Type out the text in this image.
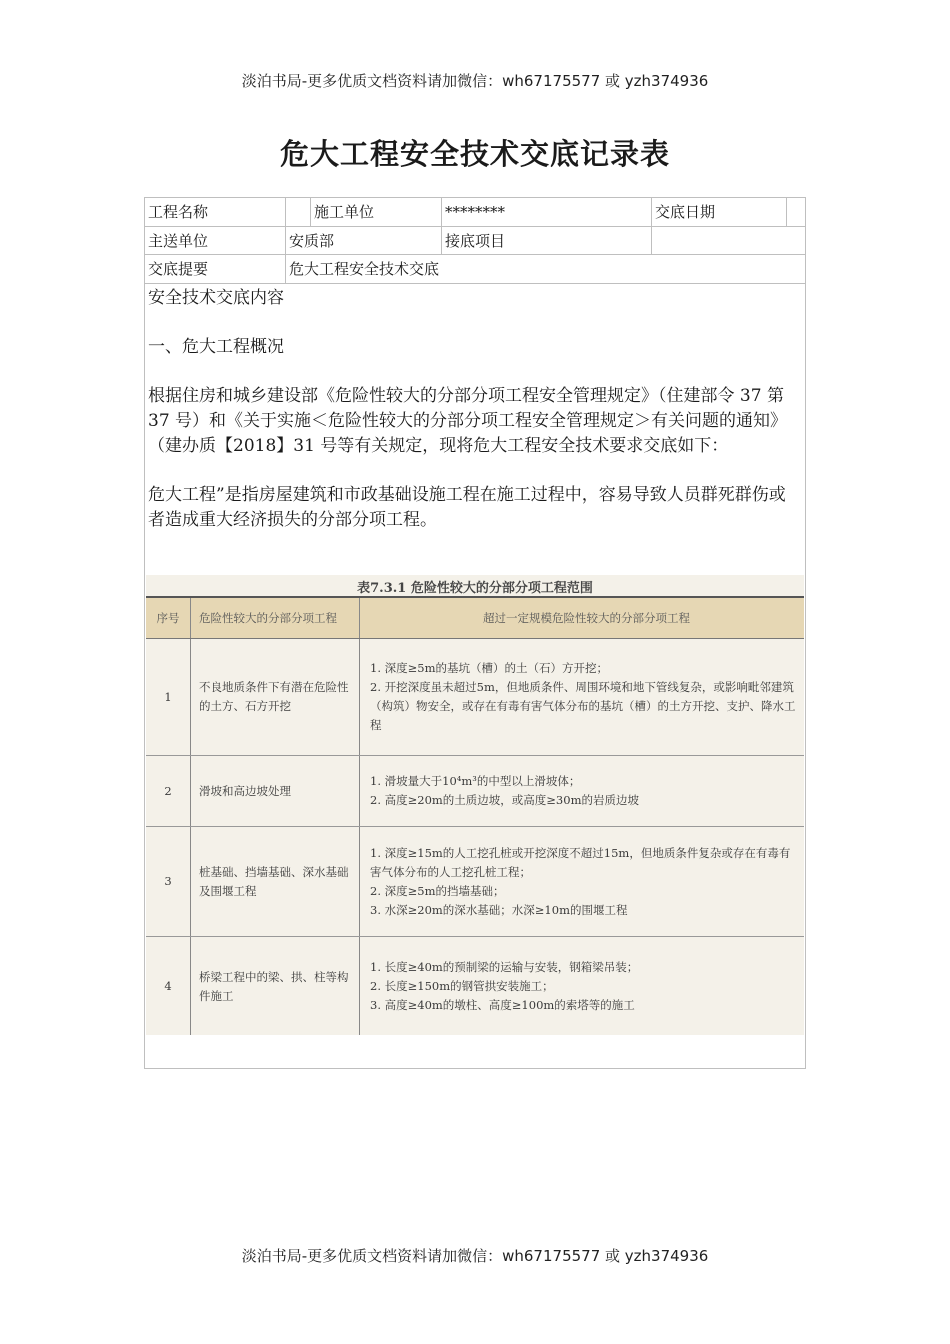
淡泊书局-更多优质文档资料请加微信：wh67175577 或 yzh374936
危大工程安全技术交底记录表
工程名称	施工单位	********	交底日期
主送单位	安质部	接底项目
交底提要	危大工程安全技术交底

安全技术交底内容

一、危大工程概况

根据住房和城乡建设部《危险性较大的分部分项工程安全管理规定》（住建部令 37 第 37 号）和《关于实施＜危险性较大的分部分项工程安全管理规定＞有关问题的通知》（建办质【2018】31 号等有关规定，现将危大工程安全技术要求交底如下：

危大工程”是指房屋建筑和市政基础设施工程在施工过程中，容易导致人员群死群伤或者造成重大经济损失的分部分项工程。

表7.3.1 危险性较大的分部分项工程范围
序号	危险性较大的分部分项工程	超过一定规模危险性较大的分部分项工程
1	不良地质条件下有潜在危险性的土方、石方开挖	1. 深度≥5m的基坑（槽）的土（石）方开挖；
2. 开挖深度虽未超过5m，但地质条件、周围环境和地下管线复杂，或影响毗邻建筑（构筑）物安全，或存在有毒有害气体分布的基坑（槽）的土方开挖、支护、降水工程

2	滑坡和高边坡处理	1. 滑坡量大于10⁴m³的中型以上滑坡体；
2. 高度≥20m的土质边坡，或高度≥30m的岩质边坡

3	桩基础、挡墙基础、深水基础及围堰工程	1. 深度≥15m的人工挖孔桩或开挖深度不超过15m，但地质条件复杂或存在有毒有害气体分布的人工挖孔桩工程；
2. 深度≥5m的挡墙基础；
3. 水深≥20m的深水基础；水深≥10m的围堰工程

4	桥梁工程中的梁、拱、柱等构件施工	1. 长度≥40m的预制梁的运输与安装，钢箱梁吊装；
2. 长度≥150m的钢管拱安装施工；
3. 高度≥40m的墩柱、高度≥100m的索塔等的施工
淡泊书局-更多优质文档资料请加微信：wh67175577 或 yzh374936
